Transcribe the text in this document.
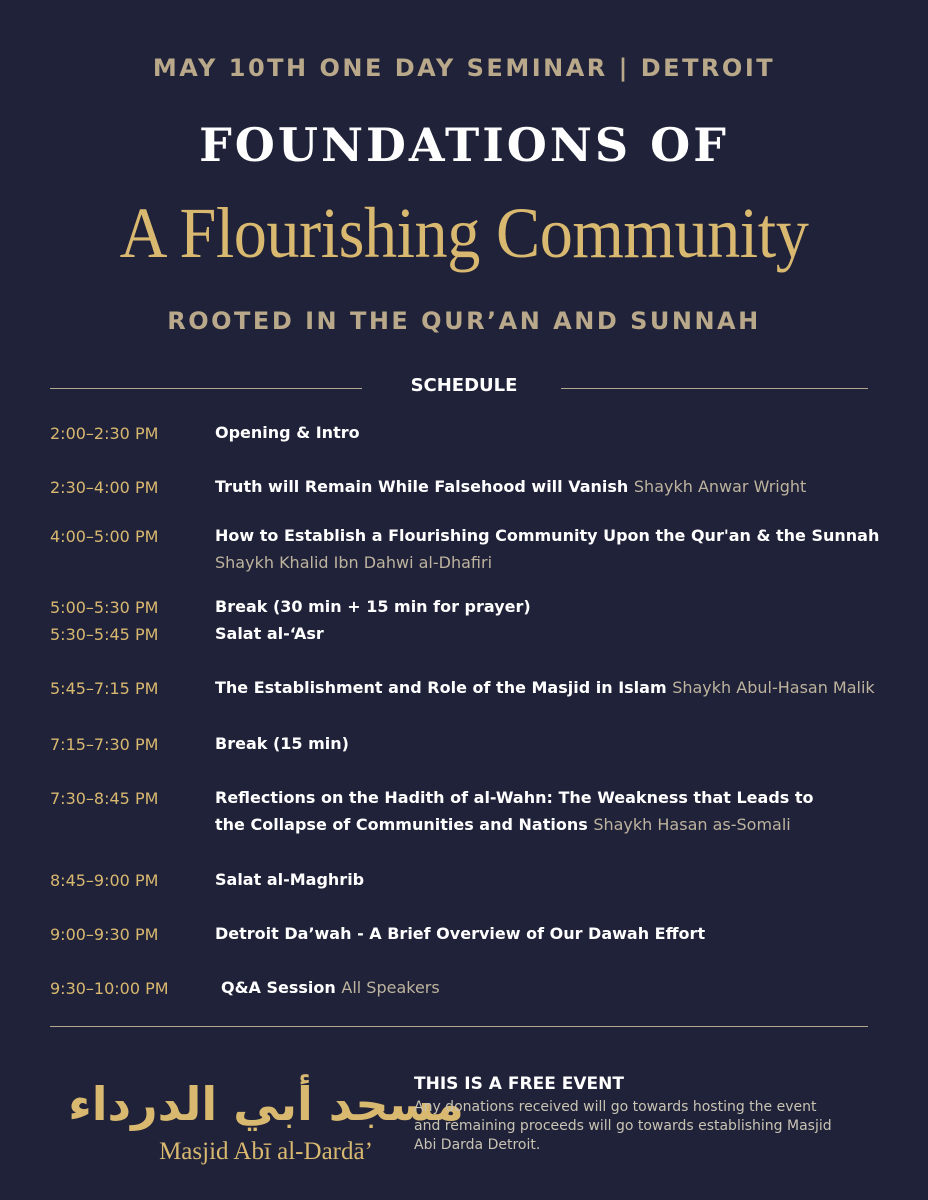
MAY 10TH ONE DAY SEMINAR | DETROIT
FOUNDATIONS OF
A Flourishing Community
ROOTED IN THE QUR’AN AND SUNNAH
SCHEDULE
2:00–2:30 PM	Opening & Intro
2:30–4:00 PM	Truth will Remain While Falsehood will Vanish Shaykh Anwar Wright
4:00–5:00 PM	How to Establish a Flourishing Community Upon the Qur'an & the Sunnah
Shaykh Khalid Ibn Dahwi al-Dhafiri
5:00–5:30 PM	Break (30 min + 15 min for prayer)
5:30–5:45 PM	Salat al-‘Asr
5:45–7:15 PM	The Establishment and Role of the Masjid in Islam Shaykh Abul-Hasan Malik
7:15–7:30 PM	Break (15 min)
7:30–8:45 PM	Reflections on the Hadith of al-Wahn: The Weakness that Leads to the Collapse of Communities and Nations Shaykh Hasan as-Somali
8:45–9:00 PM	Salat al-Maghrib
9:00–9:30 PM	Detroit Da’wah - A Brief Overview of Our Dawah Effort
9:30–10:00 PM	Q&A Session All Speakers
مسجد أبي الدرداء
Masjid Abī al-Dardā’
THIS IS A FREE EVENT
Any donations received will go towards hosting the event and remaining proceeds will go towards establishing Masjid Abi Darda Detroit.
